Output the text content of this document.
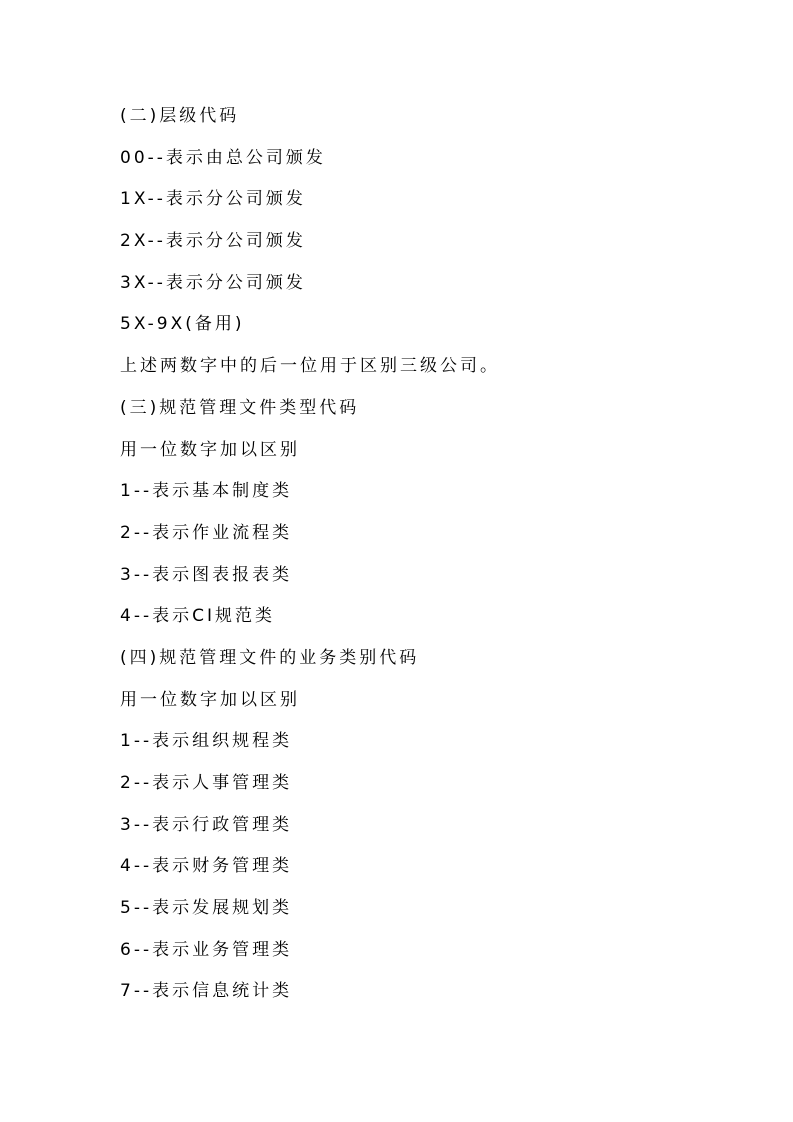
(二)层级代码
00--表示由总公司颁发
1X--表示分公司颁发
2X--表示分公司颁发
3X--表示分公司颁发
5X-9X(备用)
上述两数字中的后一位用于区别三级公司。
(三)规范管理文件类型代码
用一位数字加以区别
1--表示基本制度类
2--表示作业流程类
3--表示图表报表类
4--表示CI规范类
(四)规范管理文件的业务类别代码
用一位数字加以区别
1--表示组织规程类
2--表示人事管理类
3--表示行政管理类
4--表示财务管理类
5--表示发展规划类
6--表示业务管理类
7--表示信息统计类
